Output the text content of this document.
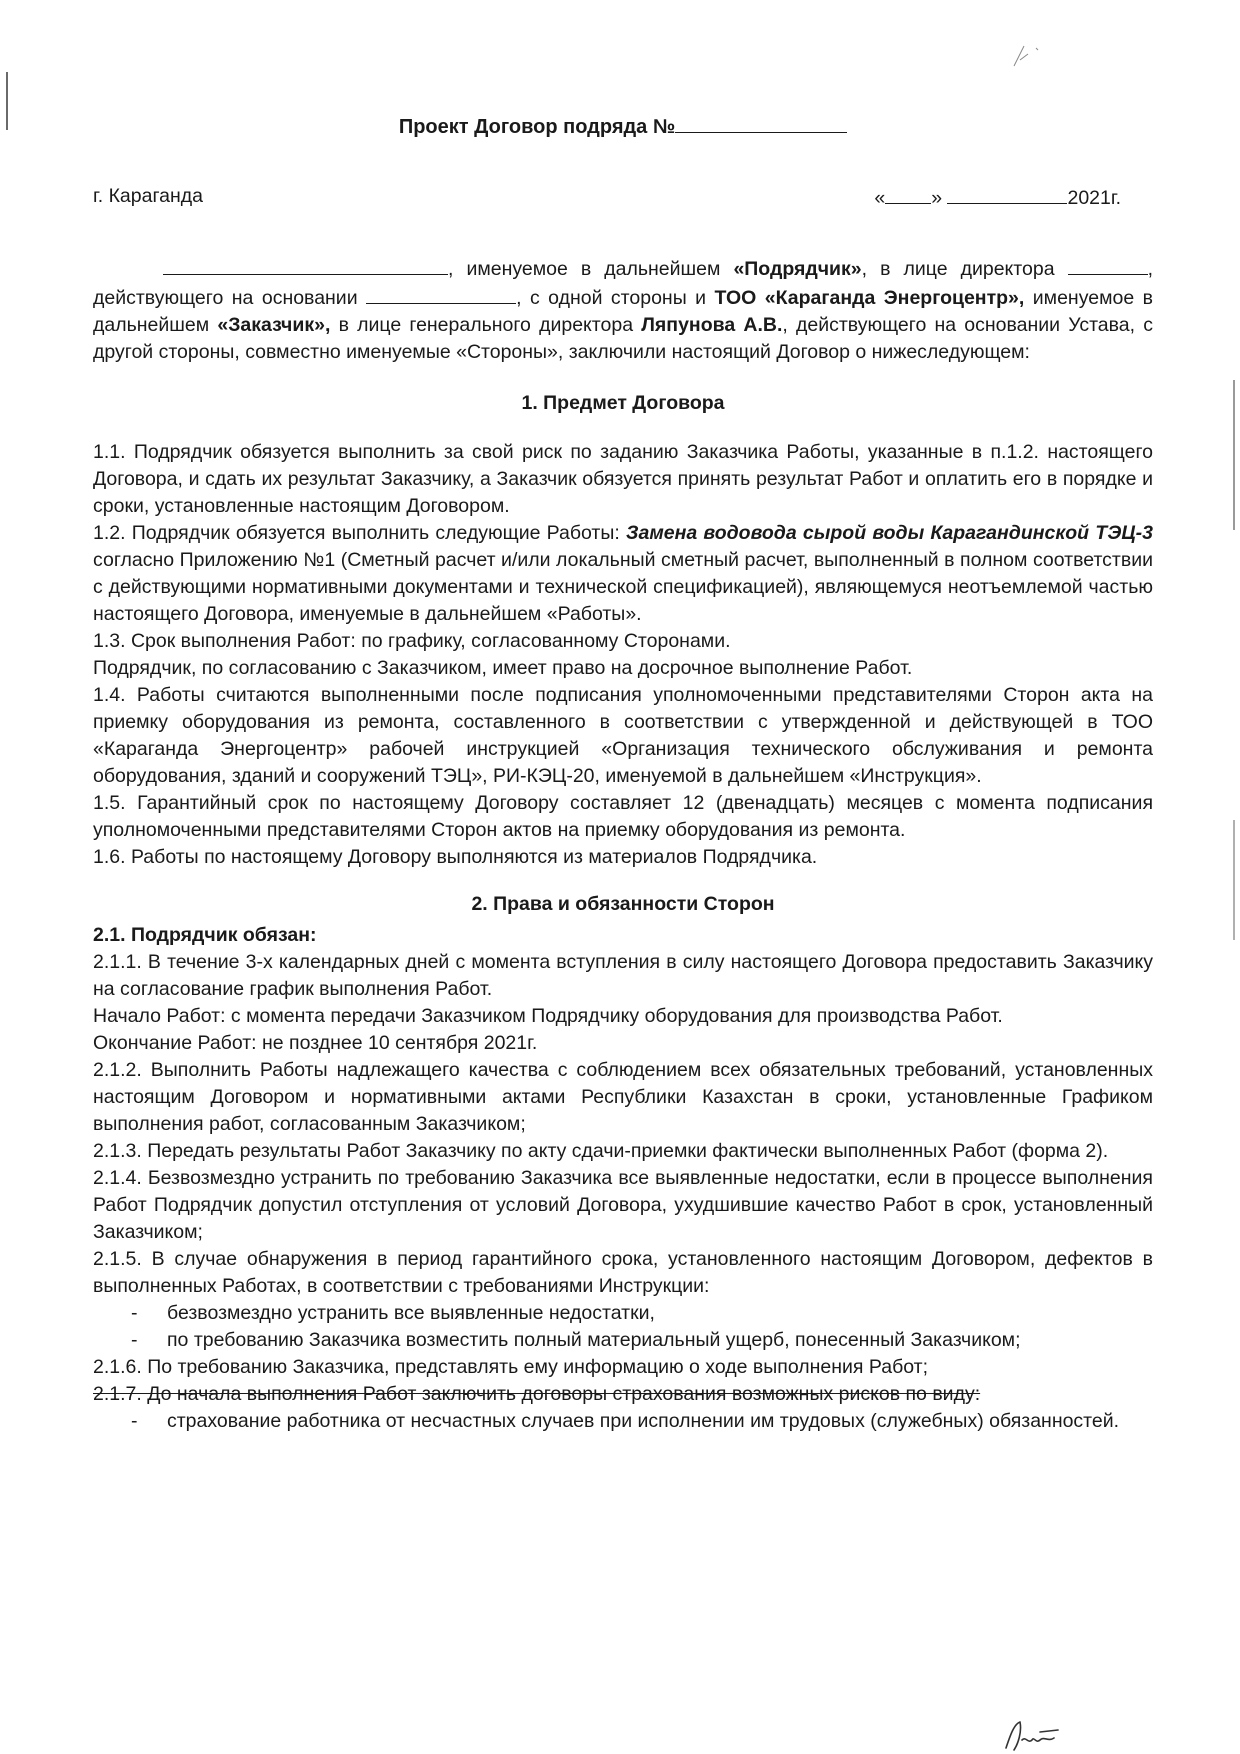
Проект Договор подряда №
г. Караганда	« »	2021г.

, именуемое в дальнейшем «Подрядчик», в лице директора	, действующего на основании	, с одной стороны и ТОО «Караганда Энергоцентр», именуемое в дальнейшем «Заказчик», в лице генерального директора Ляпунова А.В., действующего на основании Устава, с другой стороны, совместно именуемые «Стороны», заключили настоящий Договор о нижеследующем:

1. Предмет Договора

1.1. Подрядчик обязуется выполнить за свой риск по заданию Заказчика Работы, указанные в п.1.2. настоящего Договора, и сдать их результат Заказчику, а Заказчик обязуется принять результат Работ и оплатить его в порядке и сроки, установленные настоящим Договором.

1.2. Подрядчик обязуется выполнить следующие Работы: Замена водовода сырой воды Карагандинской ТЭЦ-3 согласно Приложению №1 (Сметный расчет и/или локальный сметный расчет, выполненный в полном соответствии с действующими нормативными документами и технической спецификацией), являющемуся неотъемлемой частью настоящего Договора, именуемые в дальнейшем «Работы».

1.3. Срок выполнения Работ: по графику, согласованному Сторонами.

Подрядчик, по согласованию с Заказчиком, имеет право на досрочное выполнение Работ.

1.4. Работы считаются выполненными после подписания уполномоченными представителями Сторон акта на приемку оборудования из ремонта, составленного в соответствии с утвержденной и действующей в ТОО «Караганда Энергоцентр» рабочей инструкцией «Организация технического обслуживания и ремонта оборудования, зданий и сооружений ТЭЦ», РИ-КЭЦ-20, именуемой в дальнейшем «Инструкция».

1.5. Гарантийный срок по настоящему Договору составляет 12 (двенадцать) месяцев с момента подписания уполномоченными представителями Сторон актов на приемку оборудования из ремонта.

1.6. Работы по настоящему Договору выполняются из материалов Подрядчика.

2. Права и обязанности Сторон

2.1. Подрядчик обязан:

2.1.1. В течение 3-х календарных дней с момента вступления в силу настоящего Договора предоставить Заказчику на согласование график выполнения Работ.

Начало Работ: с момента передачи Заказчиком Подрядчику оборудования для производства Работ.

Окончание Работ: не позднее 10 сентября 2021г.

2.1.2. Выполнить Работы надлежащего качества с соблюдением всех обязательных требований, установленных настоящим Договором и нормативными актами Республики Казахстан в сроки, установленные Графиком выполнения работ, согласованным Заказчиком;

2.1.3. Передать результаты Работ Заказчику по акту сдачи-приемки фактически выполненных Работ (форма 2).

2.1.4. Безвозмездно устранить по требованию Заказчика все выявленные недостатки, если в процессе выполнения Работ Подрядчик допустил отступления от условий Договора, ухудшившие качество Работ в срок, установленный Заказчиком;

2.1.5. В случае обнаружения в период гарантийного срока, установленного настоящим Договором, дефектов в выполненных Работах, в соответствии с требованиями Инструкции:

- безвозмездно устранить все выявленные недостатки,
- по требованию Заказчика возместить полный материальный ущерб, понесенный Заказчиком;

2.1.6. По требованию Заказчика, представлять ему информацию о ходе выполнения Работ;

2.1.7. До начала выполнения Работ заключить договоры страхования возможных рисков по виду:

- страхование работника от несчастных случаев при исполнении им трудовых (служебных) обязанностей.
